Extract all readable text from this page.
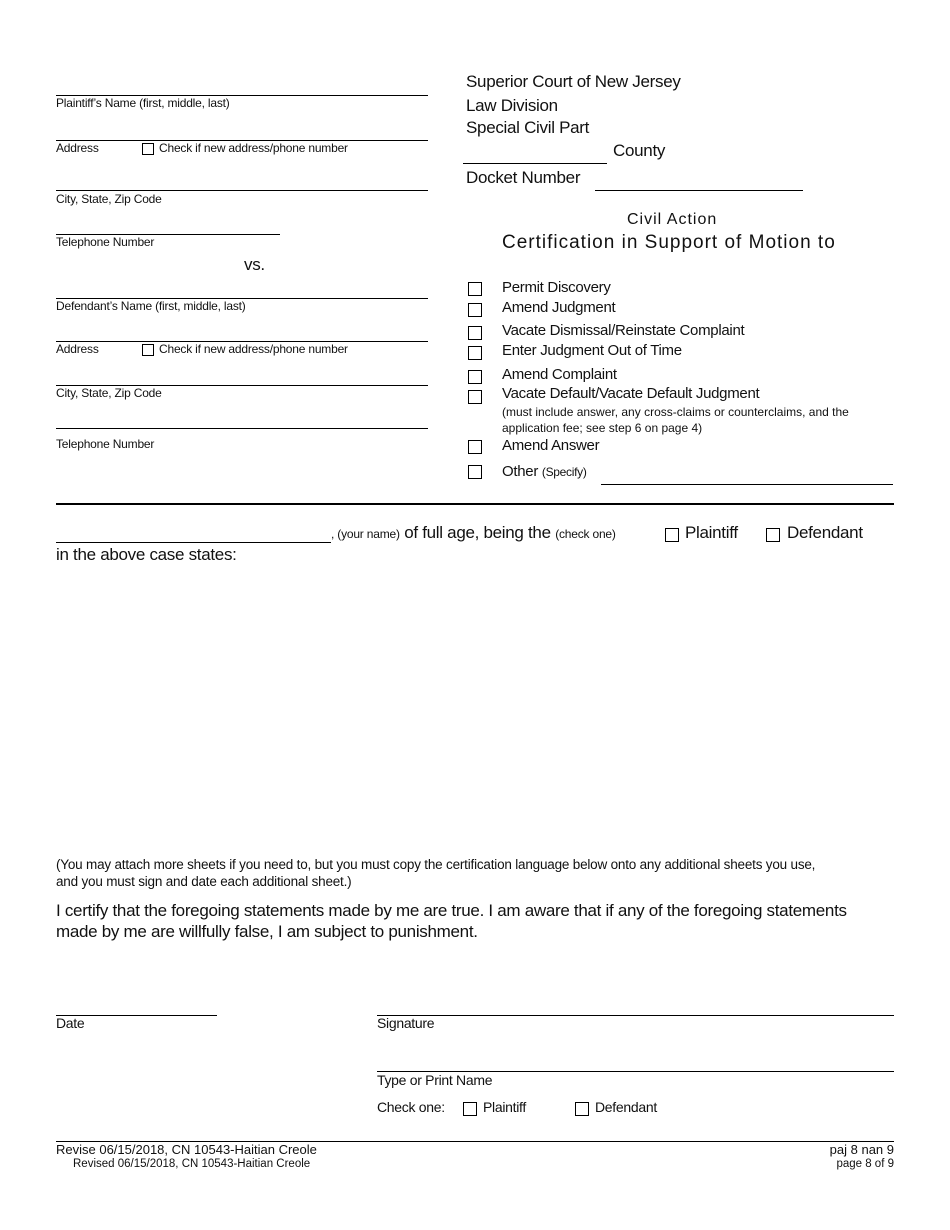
Plaintiff’s Name (first, middle, last)
Address	Check if new address/phone number
City, State, Zip Code
Telephone Number
vs.
Defendant’s Name (first, middle, last)
Address	Check if new address/phone number
City, State, Zip Code
Telephone Number
Superior Court of New Jersey
Law Division
Special Civil Part
County
Docket Number
Civil Action
Certification in Support of Motion to
Permit Discovery
Amend Judgment
Vacate Dismissal/Reinstate Complaint
Enter Judgment Out of Time
Amend Complaint
Vacate Default/Vacate Default Judgment
(must include answer, any cross-claims or counterclaims, and the
application fee; see step 6 on page 4)
Amend Answer
Other (Specify)
, (your name) of full age, being the (check one)	Plaintiff	Defendant
in the above case states:
(You may attach more sheets if you need to, but you must copy the certification language below onto any additional sheets you use,
and you must sign and date each additional sheet.)
I certify that the foregoing statements made by me are true. I am aware that if any of the foregoing statements
made by me are willfully false, I am subject to punishment.
Date	Signature
Type or Print Name
Check one:	Plaintiff	Defendant
Revise 06/15/2018, CN 10543-Haitian Creole
Revised 06/15/2018, CN 10543-Haitian Creole
paj 8 nan 9
page 8 of 9
